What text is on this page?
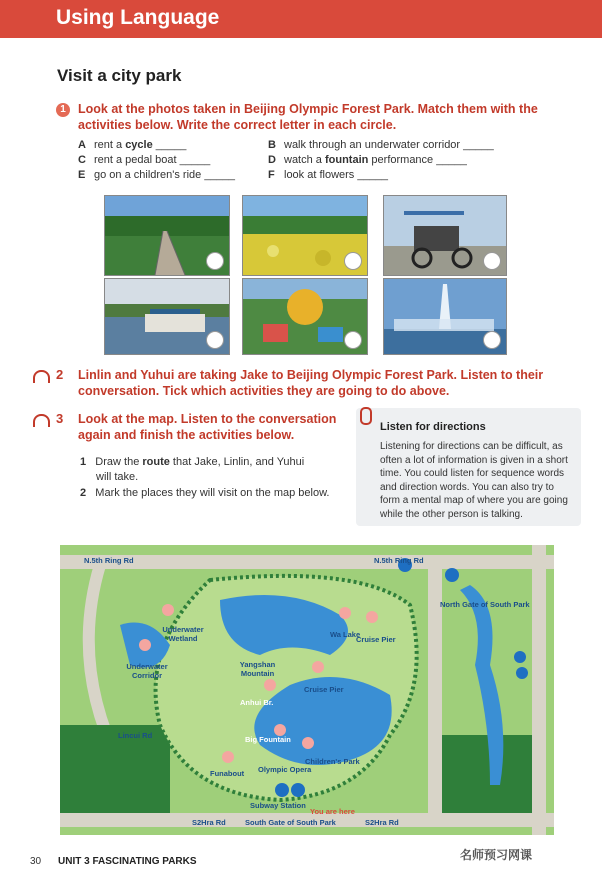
Using Language
Visit a city park
1 Look at the photos taken in Beijing Olympic Forest Park. Match them with the
activities below. Write the correct letter in each circle.
A rent a cycle _____	B walk through an underwater corridor _____
C rent a pedal boat _____	D watch a fountain performance _____
E go on a children's ride _____	F look at flowers _____
2 Linlin and Yuhui are taking Jake to Beijing Olympic Forest Park. Listen to their
conversation. Tick which activities they are going to do above.
3 Look at the map. Listen to the conversation
again and finish the activities below.
1 Draw the route that Jake, Linlin, and Yuhui
will take.
2 Mark the places they will visit on the map below.
Listen for directions
Listening for directions can be difficult, as often a lot of information is given in a short time. You could listen for sequence words and direction words. You can also try to form a mental map of where you are going while the other person is talking.
N.5th Ring Rd	N.5th Ring Rd
North Gate of South Park
Underwater Wetland
Underwater Corridor
Yangshan Mountain
Wa Lake
Cruise Pier
Cruise Pier
Anhui Br.
Big Fountain
Children's Park
Funabout Olympic Opera
Subway Station
You are here
South Gate of South Park
S2Hra Rd	S2Hra Rd
Lincui Rd
30 UNIT 3 FASCINATING PARKS	名师预习网课
